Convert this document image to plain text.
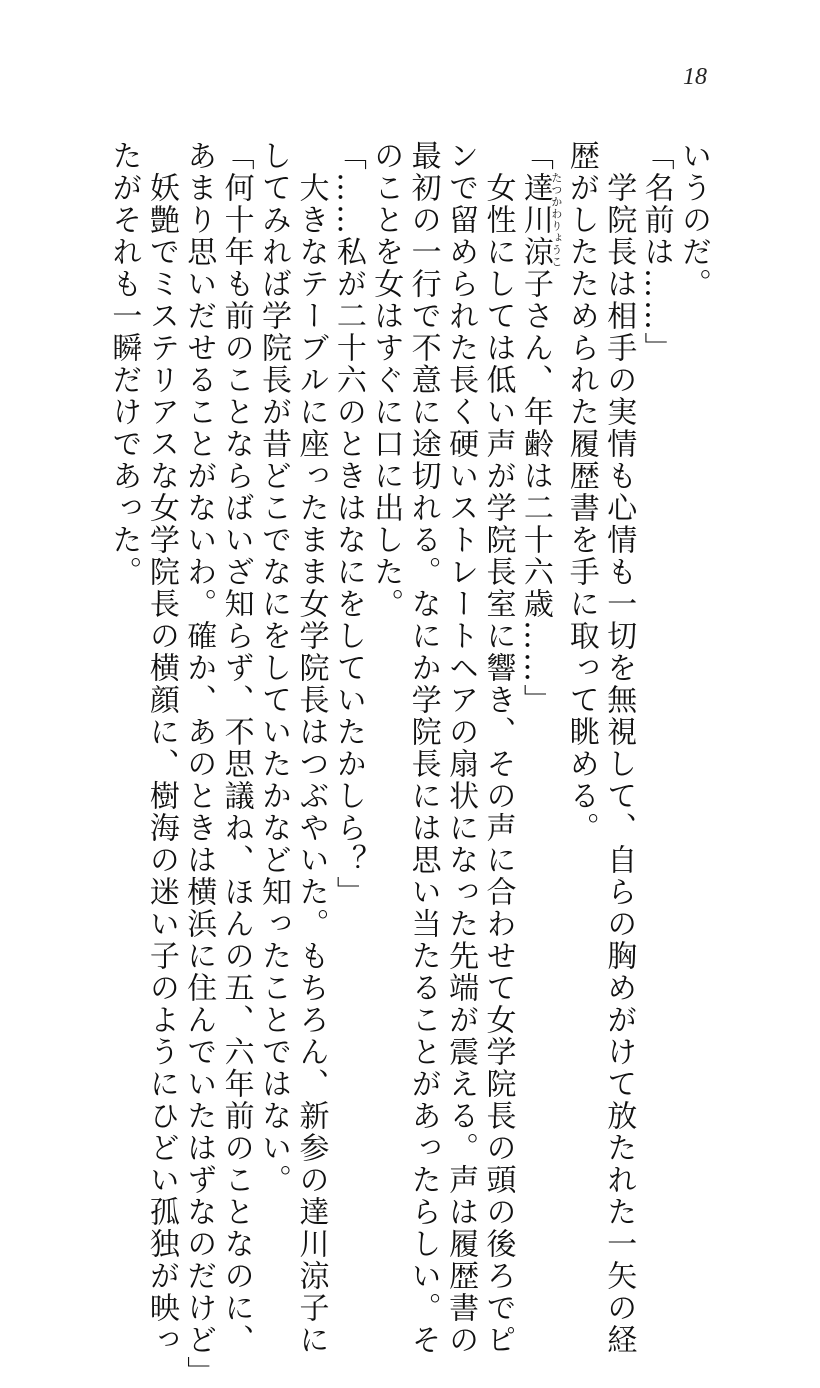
18
いうのだ。
「名前は……」
　学院長は相手の実情も心情も一切を無視して、自らの胸めがけて放たれた一矢の経
歴がしたためられた履歴書を手に取って眺める。
「達川涼たつかわりょうこ子さん、年齢は二十六歳……」
　女性にしては低い声が学院長室に響き、その声に合わせて女学院長の頭の後ろでピ
ンで留められた長く硬いストレートヘアの扇状になった先端が震える。声は履歴書の
最初の一行で不意に途切れる。なにか学院長には思い当たることがあったらしい。そ
のことを女はすぐに口に出した。
「……私が二十六のときはなにをしていたかしら？」
　大きなテーブルに座ったまま女学院長はつぶやいた。もちろん、新参の達川涼子に
してみれば学院長が昔どこでなにをしていたかなど知ったことではない。
「何十年も前のことならばいざ知らず、不思議ね、ほんの五、六年前のことなのに、
あまり思いだせることがないわ。確か、あのときは横浜に住んでいたはずなのだけど」
　妖艶でミステリアスな女学院長の横顔に、樹海の迷い子のようにひどい孤独が映っ
たがそれも一瞬だけであった。
